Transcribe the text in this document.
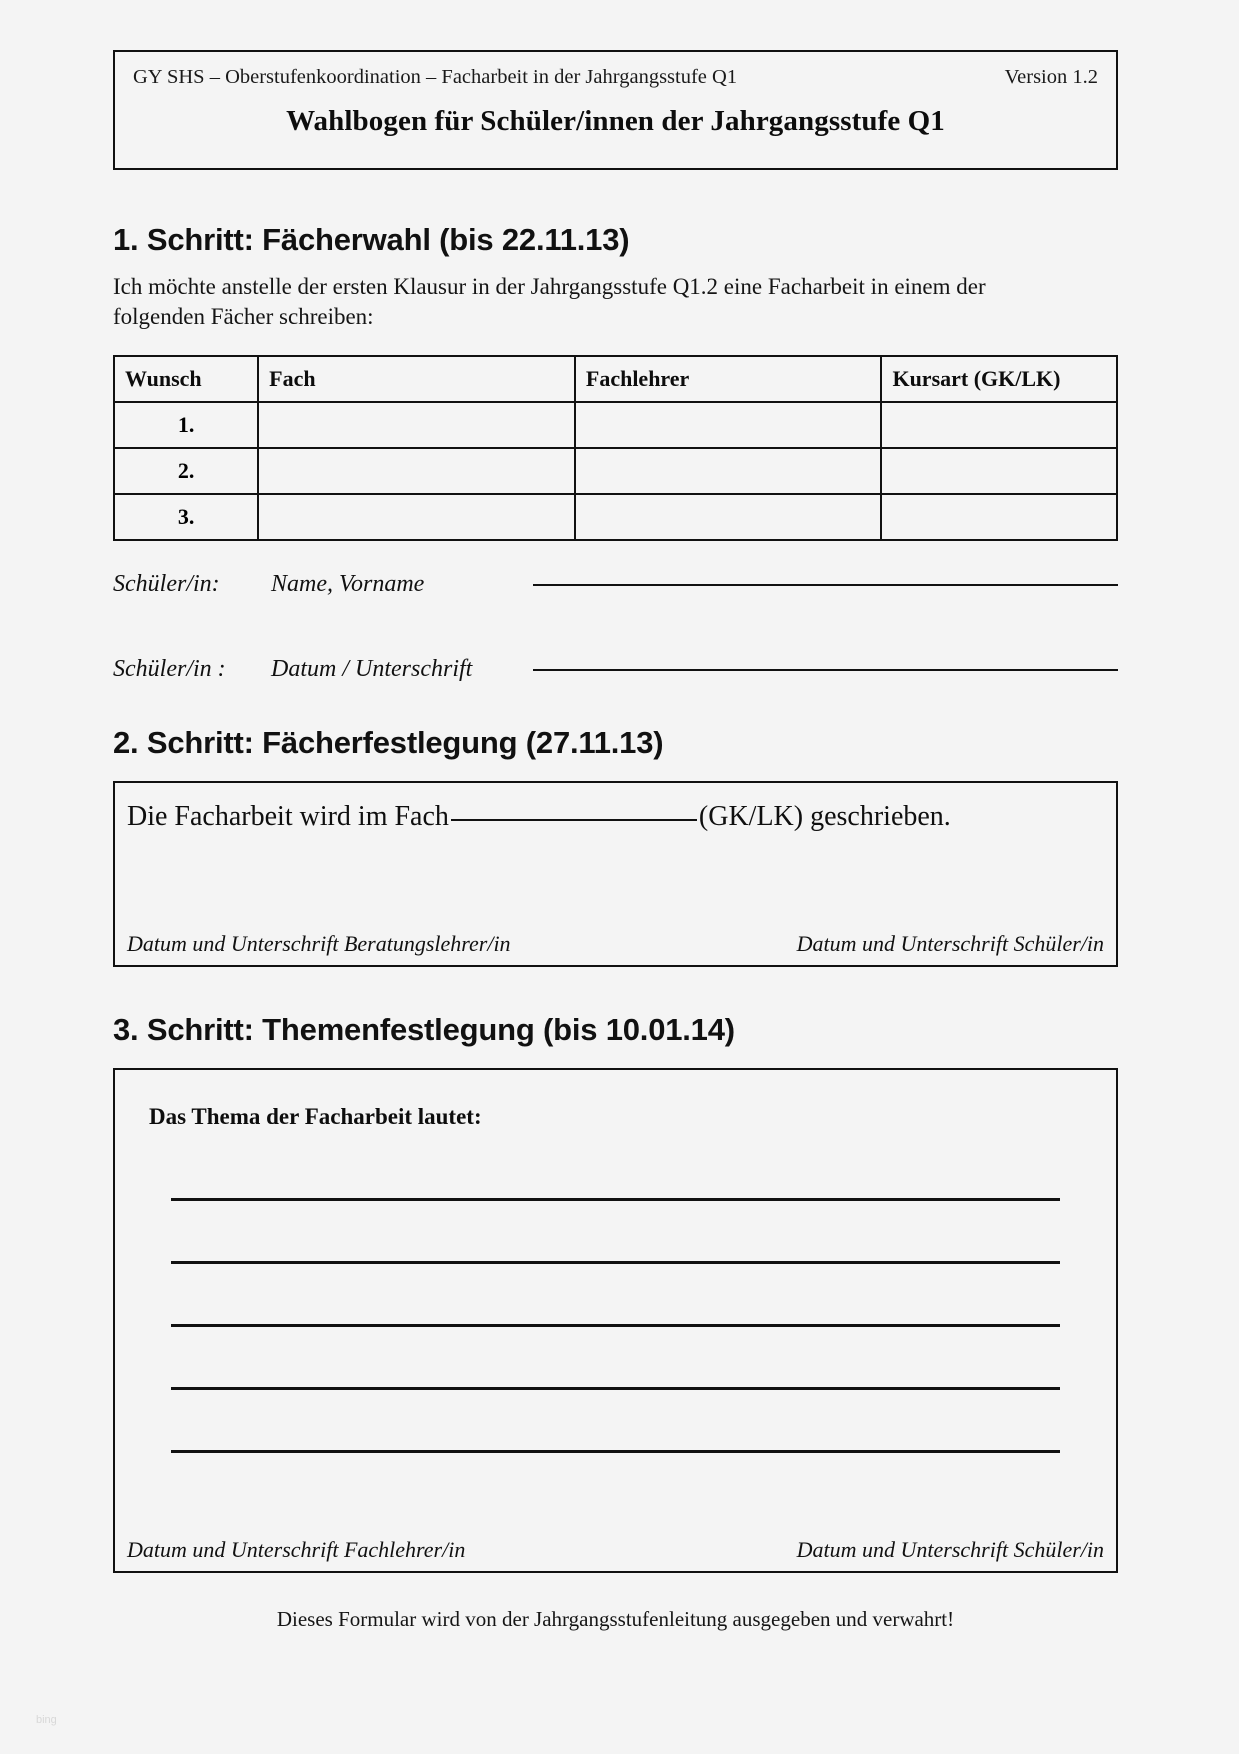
GY SHS – Oberstufenkoordination – Facharbeit in der Jahrgangsstufe Q1	Version 1.2
Wahlbogen für Schüler/innen der Jahrgangsstufe Q1
1. Schritt: Fächerwahl (bis 22.11.13)
Ich möchte anstelle der ersten Klausur in der Jahrgangsstufe Q1.2 eine Facharbeit in einem der folgenden Fächer schreiben:
Wunsch	Fach	Fachlehrer	Kursart (GK/LK)
1.			
2.			
3.			
Schüler/in:	Name, Vorname
Schüler/in :	Datum / Unterschrift
2. Schritt: Fächerfestlegung (27.11.13)
Die Facharbeit wird im Fach	(GK/LK) geschrieben.
Datum und Unterschrift Beratungslehrer/in	Datum und Unterschrift Schüler/in
3. Schritt: Themenfestlegung (bis 10.01.14)
Das Thema der Facharbeit lautet:
Datum und Unterschrift Fachlehrer/in	Datum und Unterschrift Schüler/in
Dieses Formular wird von der Jahrgangsstufenleitung ausgegeben und verwahrt!
bing
